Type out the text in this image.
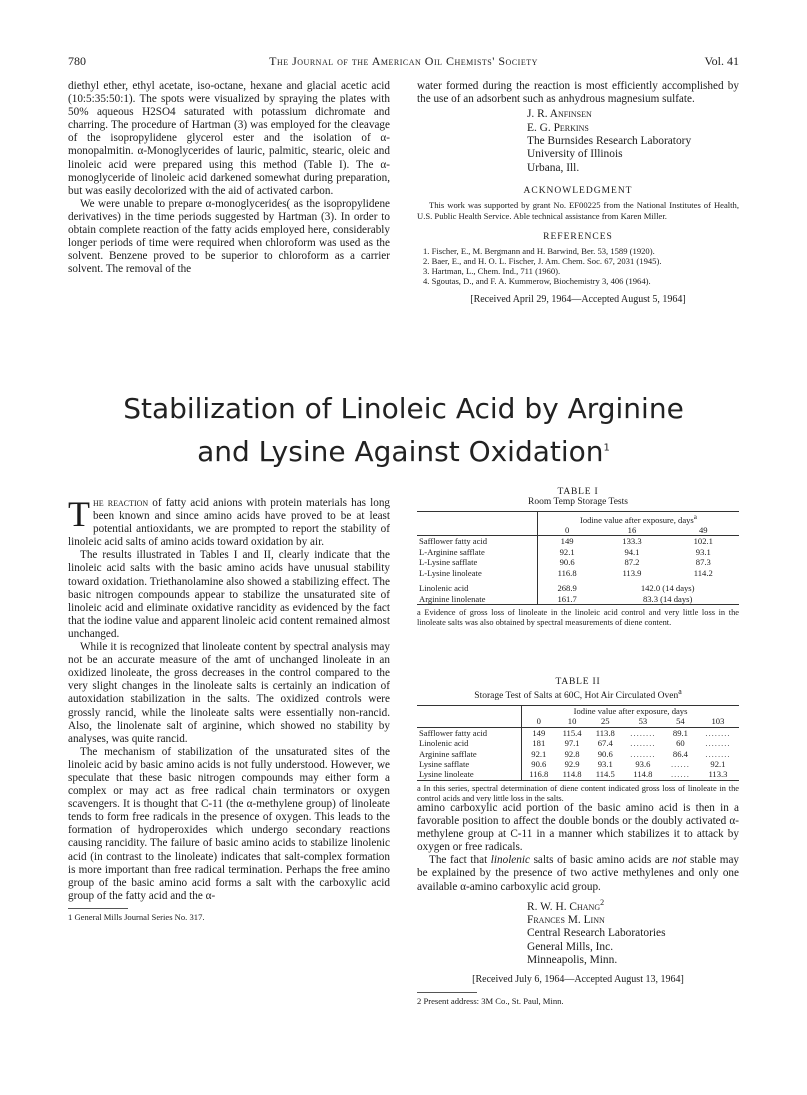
780	The Journal of the American Oil Chemists' Society	Vol. 41

diethyl ether, ethyl acetate, iso-octane, hexane and glacial acetic acid (10:5:35:50:1). The spots were visualized by spraying the plates with 50% aqueous H2SO4 saturated with potassium dichromate and charring. The procedure of Hartman (3) was employed for the cleavage of the isopropylidene glycerol ester and the isolation of α-monopalmitin. α-Monoglycerides of lauric, palmitic, stearic, oleic and linoleic acid were prepared using this method (Table I). The α-monoglyceride of linoleic acid darkened somewhat during preparation, but was easily decolorized with the aid of activated carbon.

We were unable to prepare α-monoglycerides( as the isopropylidene derivatives) in the time periods suggested by Hartman (3). In order to obtain complete reaction of the fatty acids employed here, considerably longer periods of time were required when chloroform was used as the solvent. Benzene proved to be superior to chloroform as a carrier solvent. The removal of the

water formed during the reaction is most efficiently accomplished by the use of an adsorbent such as anhydrous magnesium sulfate.

J. R. Anfinsen
E. G. Perkins
The Burnsides Research Laboratory
University of Illinois
Urbana, Ill.
ACKNOWLEDGMENT

This work was supported by grant No. EF00225 from the National Institutes of Health, U.S. Public Health Service. Able technical assistance from Karen Miller.

REFERENCES
1. Fischer, E., M. Bergmann and H. Barwind, Ber. 53, 1589 (1920).
2. Baer, E., and H. O. L. Fischer, J. Am. Chem. Soc. 67, 2031 (1945).
3. Hartman, L., Chem. Ind., 711 (1960).
4. Sgoutas, D., and F. A. Kummerow, Biochemistry 3, 406 (1964).
[Received April 29, 1964—Accepted August 5, 1964]
Stabilization of Linoleic Acid by Arginine
and Lysine Against Oxidation$^1$

The reaction of fatty acid anions with protein materials has long been known and since amino acids have proved to be at least potential antioxidants, we are prompted to report the stability of linoleic acid salts of amino acids toward oxidation by air.

The results illustrated in Tables I and II, clearly indicate that the linoleic acid salts with the basic amino acids have unusual stability toward oxidation. Triethanolamine also showed a stabilizing effect. The basic nitrogen compounds appear to stabilize the unsaturated site of linoleic acid and eliminate oxidative rancidity as evidenced by the fact that the iodine value and apparent linoleic acid content remained almost unchanged.

While it is recognized that linoleate content by spectral analysis may not be an accurate measure of the amt of unchanged linoleate in an oxidized linoleate, the gross decreases in the control compared to the very slight changes in the linoleate salts is certainly an indication of autoxidation stabilization in the salts. The oxidized controls were grossly rancid, while the linoleate salts were essentially non-rancid. Also, the linolenate salt of arginine, which showed no stability by analyses, was quite rancid.

The mechanism of stabilization of the unsaturated sites of the linoleic acid by basic amino acids is not fully understood. However, we speculate that these basic nitrogen compounds may either form a complex or may act as free radical chain terminators or oxygen scavengers. It is thought that C-11 (the α-methylene group) of linoleate tends to form free radicals in the presence of oxygen. This leads to the formation of hydroperoxides which undergo secondary reactions causing rancidity. The failure of basic amino acids to stabilize linolenic acid (in contrast to the linoleate) indicates that salt-complex formation is more important than free radical termination. Perhaps the free amino group of the basic amino acid forms a salt with the carboxylic acid group of the fatty acid and the α-

1 General Mills Journal Series No. 317.
TABLE I
Room Temp Storage Tests
	Iodine value after exposure, days$^a$
	0	16	49
Safflower fatty acid	149	133.3	102.1
L-Arginine safflate	92.1	94.1	93.1
L-Lysine safflate	90.6	87.2	87.3
L-Lysine linoleate	116.8	113.9	114.2

Linolenic acid	268.9	142.0 (14 days)	
Arginine linolenate	161.7	83.3 (14 days)	
a Evidence of gross loss of linoleate in the linoleic acid control and very little loss in the linoleate salts was also obtained by spectral measurements of diene content.
TABLE II
Storage Test of Salts at 60C, Hot Air Circulated Oven$^a$
	Iodine value after exposure, days					
	0	10	25	53	54	103
Safflower fatty acid	149	115.4	113.8	........	89.1	........
Linolenic acid	181	97.1	67.4	........	60	........
Arginine safflate	92.1	92.8	90.6	........	86.4	........
Lysine safflate	90.6	92.9	93.1	93.6	......	92.1
Lysine linoleate	116.8	114.8	114.5	114.8	......	113.3
a In this series, spectral determination of diene content indicated gross loss of linoleate in the control acids and very little loss in the salts.

amino carboxylic acid portion of the basic amino acid is then in a favorable position to affect the double bonds or the doubly activated α-methylene group at C-11 in a manner which stabilizes it to attack by oxygen or free radicals.

The fact that linolenic salts of basic amino acids are not stable may be explained by the presence of two active methylenes and only one available α-amino carboxylic acid group.

R. W. H. Chang$^2$
Frances M. Linn
Central Research Laboratories
General Mills, Inc.
Minneapolis, Minn.
[Received July 6, 1964—Accepted August 13, 1964]
2 Present address: 3M Co., St. Paul, Minn.
